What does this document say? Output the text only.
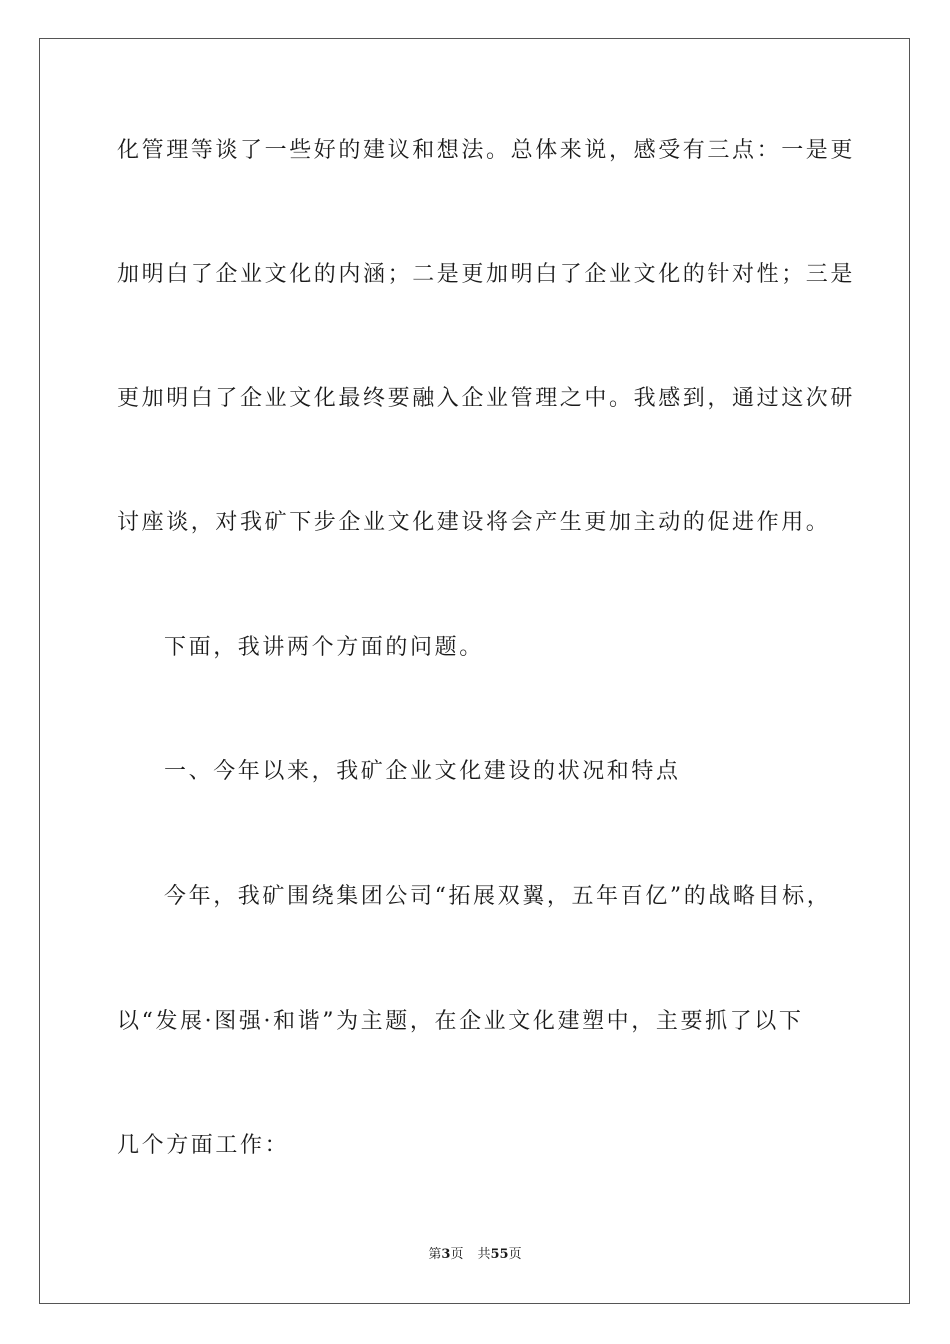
化管理等谈了一些好的建议和想法。总体来说，感受有三点：一是更
加明白了企业文化的内涵；二是更加明白了企业文化的针对性；三是
更加明白了企业文化最终要融入企业管理之中。我感到，通过这次研
讨座谈，对我矿下步企业文化建设将会产生更加主动的促进作用。
下面，我讲两个方面的问题。
一、今年以来，我矿企业文化建设的状况和特点
今年，我矿围绕集团公司“拓展双翼，五年百亿”的战略目标，
以“发展·图强·和谐”为主题，在企业文化建塑中，主要抓了以下
几个方面工作：
第3页 共55页
